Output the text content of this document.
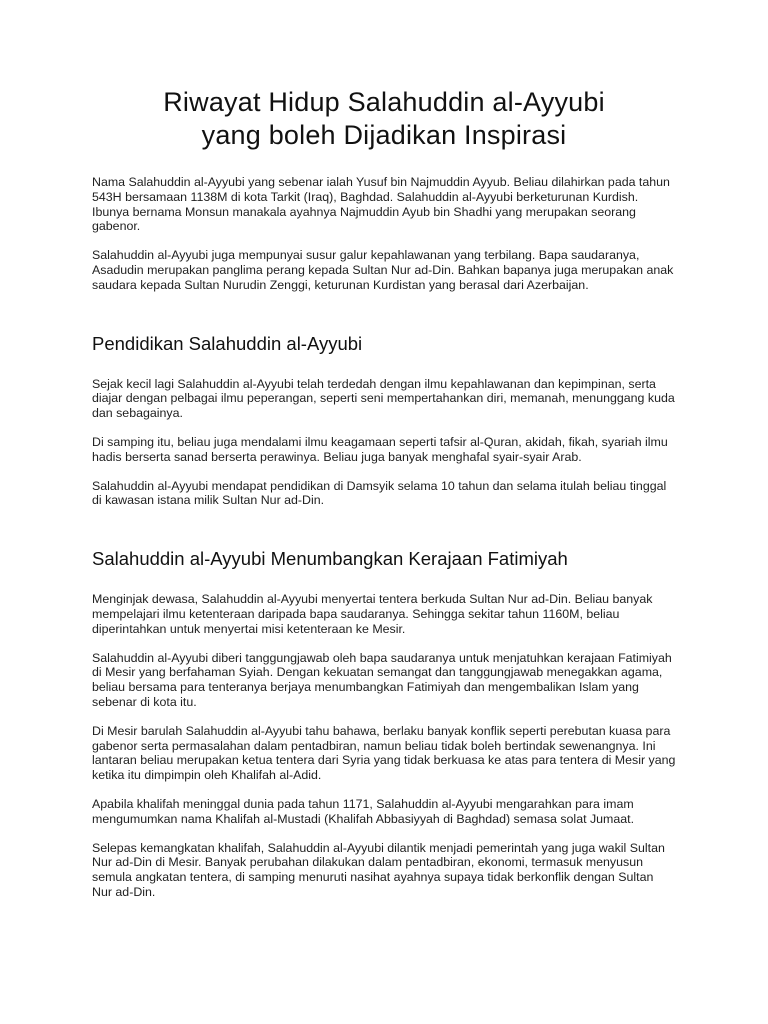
Riwayat Hidup Salahuddin al-Ayyubi
yang boleh Dijadikan Inspirasi

Nama Salahuddin al-Ayyubi yang sebenar ialah Yusuf bin Najmuddin Ayyub. Beliau dilahirkan pada tahun 543H bersamaan 1138M di kota Tarkit (Iraq), Baghdad. Salahuddin al-Ayyubi berketurunan Kurdish. Ibunya bernama Monsun manakala ayahnya Najmuddin Ayub bin Shadhi yang merupakan seorang gabenor.

Salahuddin al-Ayyubi juga mempunyai susur galur kepahlawanan yang terbilang. Bapa saudaranya, Asadudin merupakan panglima perang kepada Sultan Nur ad-Din. Bahkan bapanya juga merupakan anak saudara kepada Sultan Nurudin Zenggi, keturunan Kurdistan yang berasal dari Azerbaijan.

Pendidikan Salahuddin al-Ayyubi

Sejak kecil lagi Salahuddin al-Ayyubi telah terdedah dengan ilmu kepahlawanan dan kepimpinan, serta diajar dengan pelbagai ilmu peperangan, seperti seni mempertahankan diri, memanah, menunggang kuda dan sebagainya.

Di samping itu, beliau juga mendalami ilmu keagamaan seperti tafsir al-Quran, akidah, fikah, syariah ilmu hadis berserta sanad berserta perawinya. Beliau juga banyak menghafal syair-syair Arab.

Salahuddin al-Ayyubi mendapat pendidikan di Damsyik selama 10 tahun dan selama itulah beliau tinggal di kawasan istana milik Sultan Nur ad-Din.

Salahuddin al-Ayyubi Menumbangkan Kerajaan Fatimiyah

Menginjak dewasa, Salahuddin al-Ayyubi menyertai tentera berkuda Sultan Nur ad-Din. Beliau banyak mempelajari ilmu ketenteraan daripada bapa saudaranya. Sehingga sekitar tahun 1160M, beliau diperintahkan untuk menyertai misi ketenteraan ke Mesir.

Salahuddin al-Ayyubi diberi tanggungjawab oleh bapa saudaranya untuk menjatuhkan kerajaan Fatimiyah di Mesir yang berfahaman Syiah. Dengan kekuatan semangat dan tanggungjawab menegakkan agama, beliau bersama para tenteranya berjaya menumbangkan Fatimiyah dan mengembalikan Islam yang sebenar di kota itu.

Di Mesir barulah Salahuddin al-Ayyubi tahu bahawa, berlaku banyak konflik seperti perebutan kuasa para gabenor serta permasalahan dalam pentadbiran, namun beliau tidak boleh bertindak sewenangnya. Ini lantaran beliau merupakan ketua tentera dari Syria yang tidak berkuasa ke atas para tentera di Mesir yang ketika itu dimpimpin oleh Khalifah al-Adid.

Apabila khalifah meninggal dunia pada tahun 1171, Salahuddin al-Ayyubi mengarahkan para imam mengumumkan nama Khalifah al-Mustadi (Khalifah Abbasiyyah di Baghdad) semasa solat Jumaat.

Selepas kemangkatan khalifah, Salahuddin al-Ayyubi dilantik menjadi pemerintah yang juga wakil Sultan Nur ad-Din di Mesir. Banyak perubahan dilakukan dalam pentadbiran, ekonomi, termasuk menyusun semula angkatan tentera, di samping menuruti nasihat ayahnya supaya tidak berkonflik dengan Sultan Nur ad-Din.
